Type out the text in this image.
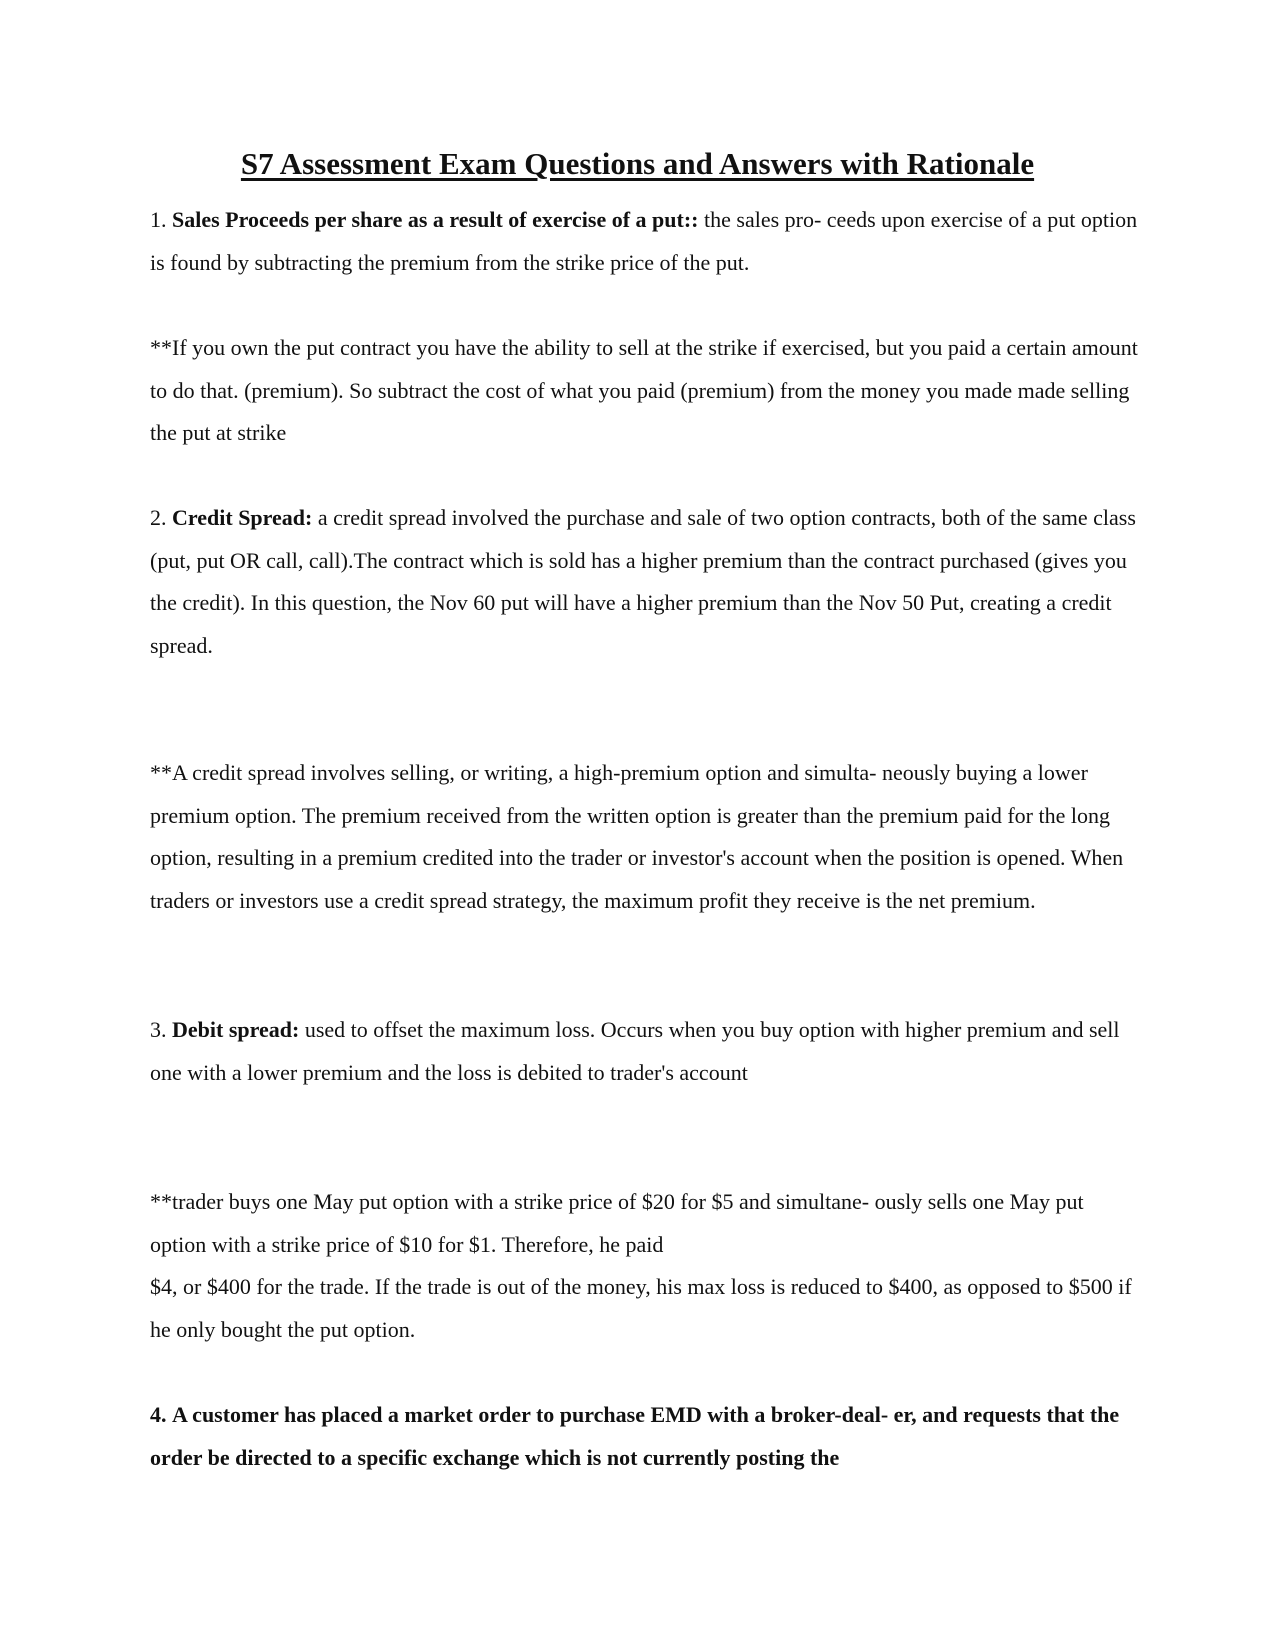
S7 Assessment Exam Questions and Answers with Rationale

1. Sales Proceeds per share as a result of exercise of a put:: the sales pro- ceeds upon exercise of a put option is found by subtracting the premium from the strike price of the put.

**If you own the put contract you have the ability to sell at the strike if exercised, but you paid a certain amount to do that. (premium). So subtract the cost of what you paid (premium) from the money you made made selling the put at strike

2. Credit Spread: a credit spread involved the purchase and sale of two option contracts, both of the same class (put, put OR call, call).The contract which is sold has a higher premium than the contract purchased (gives you the credit). In this question, the Nov 60 put will have a higher premium than the Nov 50 Put, creating a credit spread.

**A credit spread involves selling, or writing, a high-premium option and simulta- neously buying a lower premium option. The premium received from the written option is greater than the premium paid for the long option, resulting in a premium credited into the trader or investor's account when the position is opened. When traders or investors use a credit spread strategy, the maximum profit they receive is the net premium.

3. Debit spread: used to offset the maximum loss. Occurs when you buy option with higher premium and sell one with a lower premium and the loss is debited to trader's account

**trader buys one May put option with a strike price of $20 for $5 and simultane- ously sells one May put option with a strike price of $10 for $1. Therefore, he paid
$4, or $400 for the trade. If the trade is out of the money, his max loss is reduced to $400, as opposed to $500 if he only bought the put option.

4. A customer has placed a market order to purchase EMD with a broker-deal- er, and requests that the order be directed to a specific exchange which is not currently posting the
